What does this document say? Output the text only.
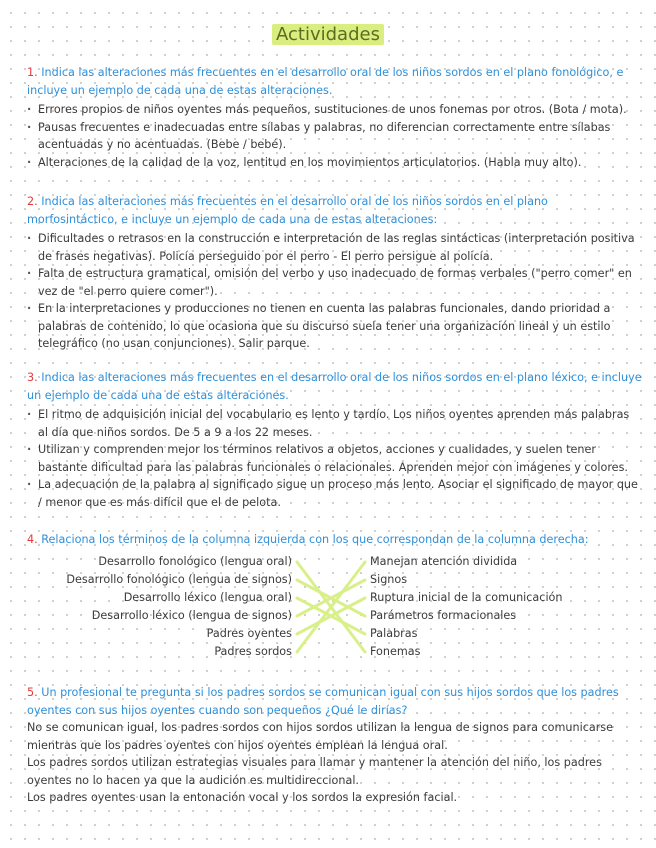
Actividades

1. Indica las alteraciones más frecuentes en el desarrollo oral de los niños sordos en el plano fonológico, e incluye un ejemplo de cada una de estas alteraciones.

· Errores propios de niños oyentes más pequeños, sustituciones de unos fonemas por otros. (Bota / mota).
· Pausas frecuentes e inadecuadas entre sílabas y palabras, no diferencian correctamente entre sílabas acentuadas y no acentuadas. (Bebe / bebé).
· Alteraciones de la calidad de la voz, lentitud en los movimientos articulatorios. (Habla muy alto).

2. Indica las alteraciones más frecuentes en el desarrollo oral de los niños sordos en el plano morfosintáctico, e incluye un ejemplo de cada una de estas alteraciones:

· Dificultades o retrasos en la construcción e interpretación de las reglas sintácticas (interpretación positiva de frases negativas). Policía perseguido por el perro - El perro persigue al policía.
· Falta de estructura gramatical, omisión del verbo y uso inadecuado de formas verbales ("perro comer" en vez de "el perro quiere comer").
· En la interpretaciones y producciones no tienen en cuenta las palabras funcionales, dando prioridad a palabras de contenido, lo que ocasiona que su discurso suela tener una organización lineal y un estilo telegráfico (no usan conjunciones). Salir parque.

3. Indica las alteraciones más frecuentes en el desarrollo oral de los niños sordos en el plano léxico, e incluye un ejemplo de cada una de estas alteraciones.

· El ritmo de adquisición inicial del vocabulario es lento y tardío. Los niños oyentes aprenden más palabras al día que niños sordos. De 5 a 9 a los 22 meses.
· Utilizan y comprenden mejor los términos relativos a objetos, acciones y cualidades, y suelen tener bastante dificultad para las palabras funcionales o relacionales. Aprenden mejor con imágenes y colores.
· La adecuación de la palabra al significado sigue un proceso más lento. Asociar el significado de mayor que / menor que es más difícil que el de pelota.

4. Relaciona los términos de la columna izquierda con los que correspondan de la columna derecha:

Desarrollo fonológico (lengua oral)
Desarrollo fonológico (lengua de signos)
Desarrollo léxico (lengua oral)
Desarrollo léxico (lengua de signos)
Padres oyentes
Padres sordos
Manejan atención dividida
Signos
Ruptura inicial de la comunicación
Parámetros formacionales
Palabras
Fonemas

5. Un profesional te pregunta si los padres sordos se comunican igual con sus hijos sordos que los padres oyentes con sus hijos oyentes cuando son pequeños ¿Qué le dirías?

No se comunican igual, los padres sordos con hijos sordos utilizan la lengua de signos para comunicarse mientras que los padres oyentes con hijos oyentes emplean la lengua oral.

Los padres sordos utilizan estrategias visuales para llamar y mantener la atención del niño, los padres oyentes no lo hacen ya que la audición es multidireccional.

Los padres oyentes usan la entonación vocal y los sordos la expresión facial.
